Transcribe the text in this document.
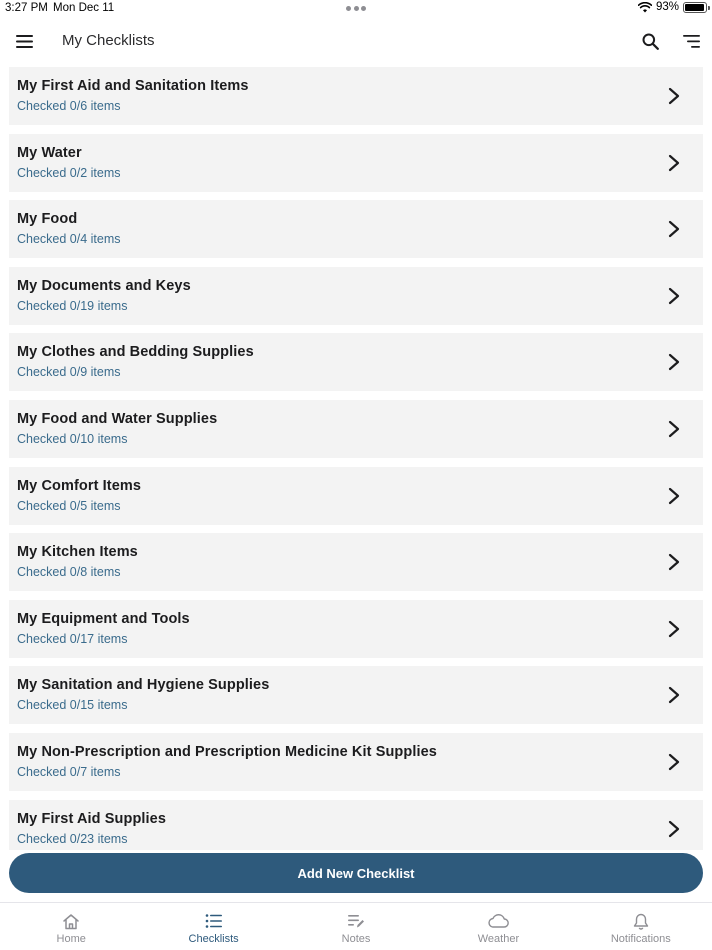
3:27 PM Mon Dec 11	93%
My Checklists
My First Aid and Sanitation Items
Checked 0/6 items
My Water
Checked 0/2 items
My Food
Checked 0/4 items
My Documents and Keys
Checked 0/19 items
My Clothes and Bedding Supplies
Checked 0/9 items
My Food and Water Supplies
Checked 0/10 items
My Comfort Items
Checked 0/5 items
My Kitchen Items
Checked 0/8 items
My Equipment and Tools
Checked 0/17 items
My Sanitation and Hygiene Supplies
Checked 0/15 items
My Non-Prescription and Prescription Medicine Kit Supplies
Checked 0/7 items
My First Aid Supplies
Checked 0/23 items
Add New Checklist
Home	Checklists	Notes	Weather	Notifications
